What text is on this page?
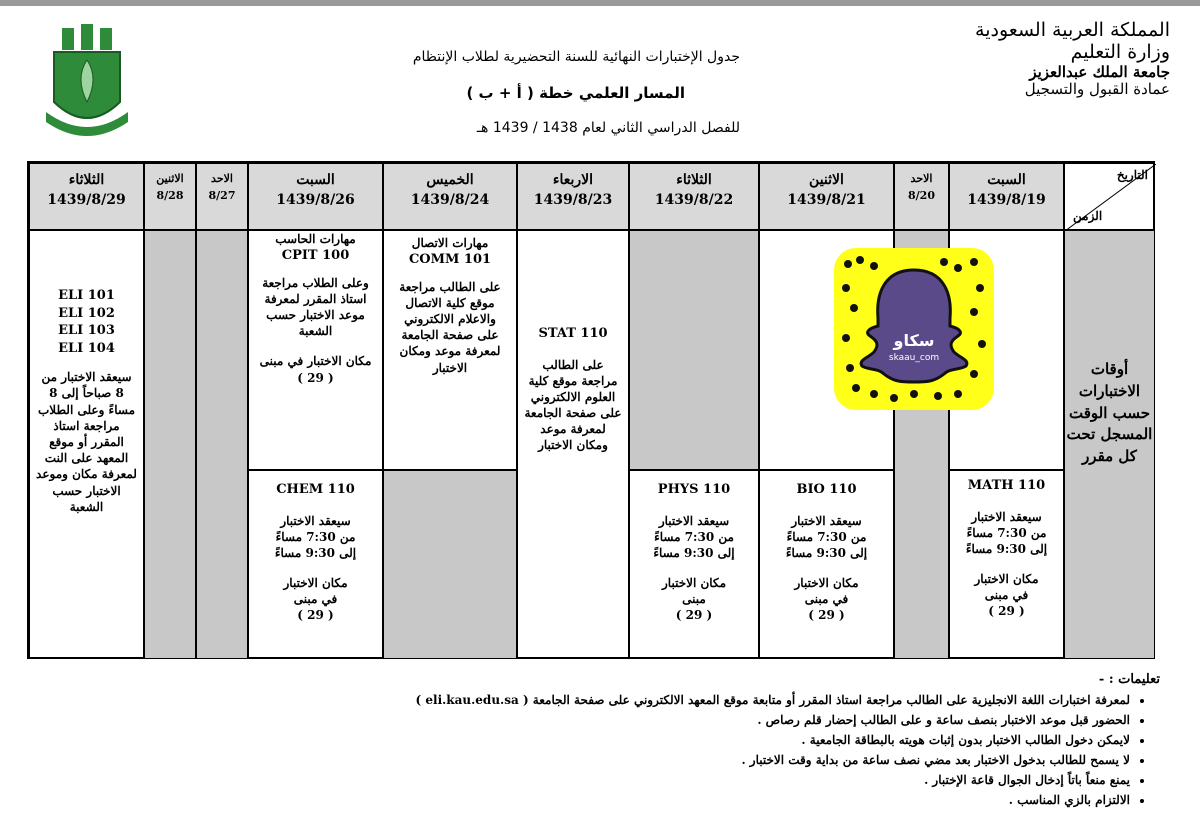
المملكة العربية السعودية
وزارة التعليم
جامعة الملك عبدالعزيز
عمادة القبول والتسجيل
جدول الإختبارات النهائية للسنة التحضيرية لطلاب الإنتظام
المسار العلمي خطة ( أ + ب )
للفصل الدراسي الثاني لعام 1438 / 1439 هـ
التاريخ
الزمن
السبت
1439/8/19
الاحد
8/20
الاثنين
1439/8/21
الثلاثاء
1439/8/22
الاربعاء
1439/8/23
الخميس
1439/8/24
السبت
1439/8/26
الاحد
8/27
الاثنين
8/28
الثلاثاء
1439/8/29
أوقات الاختبارات حسب الوقت المسجل تحت كل مقرر
MATH 110
سيعقد الاختبار
من 7:30 مساءً
إلى 9:30 مساءً
مكان الاختبار
في مبنى
( 29 )
BIO 110
سيعقد الاختبار
من 7:30 مساءً
إلى 9:30 مساءً
مكان الاختبار
في مبنى
( 29 )
PHYS 110
سيعقد الاختبار
من 7:30 مساءً
إلى 9:30 مساءً
مكان الاختبار
مبنى
( 29 )
STAT 110
على الطالب مراجعة موقع كلية العلوم الالكتروني على صفحة الجامعة لمعرفة موعد ومكان الاختبار
مهارات الاتصال
COMM 101
على الطالب مراجعة موقع كلية الاتصال والاعلام الالكتروني على صفحة الجامعة لمعرفة موعد ومكان الاختبار
مهارات الحاسب
CPIT 100
وعلى الطلاب مراجعة استاذ المقرر لمعرفة موعد الاختبار حسب الشعبة
مكان الاختبار في مبنى
( 29 )
CHEM 110
سيعقد الاختبار
من 7:30 مساءً
إلى 9:30 مساءً
مكان الاختبار
في مبنى
( 29 )
ELI 101
ELI 102
ELI 103
ELI 104
سيعقد الاختبار من 8 صباحاً إلى 8 مساءً وعلى الطلاب مراجعة استاذ المقرر أو موقع المعهد على النت لمعرفة مكان وموعد الاختبار حسب الشعبة
سكاو
skaau_com
تعليمات : -
• لمعرفة اختبارات اللغة الانجليزية على الطالب مراجعة استاذ المقرر أو متابعة موقع المعهد الالكتروني على صفحة الجامعة ( eli.kau.edu.sa )
• الحضور قبل موعد الاختبار بنصف ساعة و على الطالب إحضار قلم رصاص .
• لايمكن دخول الطالب الاختبار بدون إثبات هويته بالبطاقة الجامعية .
• لا يسمح للطالب بدخول الاختبار بعد مضي نصف ساعة من بداية وقت الاختبار .
• يمنع منعاً باتاً إدخال الجوال قاعة الإختبار .
• الالتزام بالزي المناسب .
